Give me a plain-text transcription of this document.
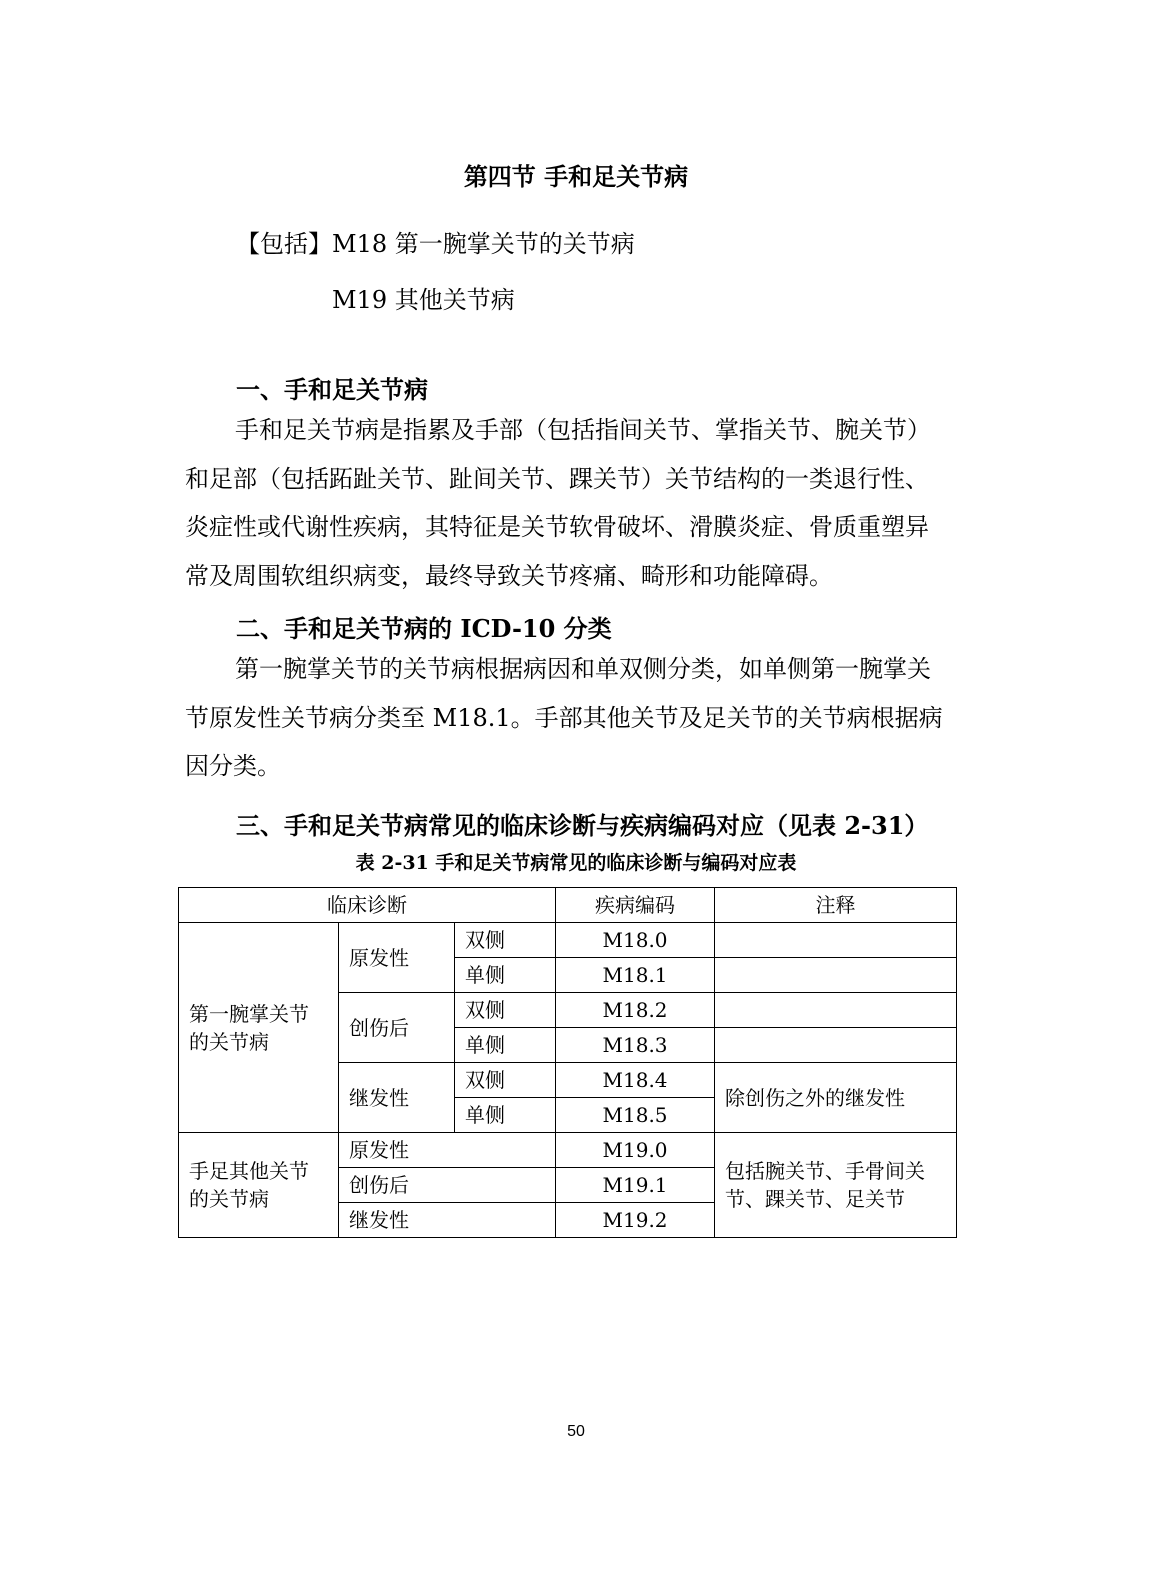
第四节 手和足关节病
【包括】M18 第一腕掌关节的关节病
M19 其他关节病
一、手和足关节病
手和足关节病是指累及手部（包括指间关节、掌指关节、腕关节）
和足部（包括跖趾关节、趾间关节、踝关节）关节结构的一类退行性、
炎症性或代谢性疾病，其特征是关节软骨破坏、滑膜炎症、骨质重塑异
常及周围软组织病变，最终导致关节疼痛、畸形和功能障碍。
二、手和足关节病的 ICD-10 分类
第一腕掌关节的关节病根据病因和单双侧分类，如单侧第一腕掌关
节原发性关节病分类至 M18.1。手部其他关节及足关节的关节病根据病
因分类。
三、手和足关节病常见的临床诊断与疾病编码对应（见表 2-31）
表 2-31 手和足关节病常见的临床诊断与编码对应表
临床诊断			疾病编码	注释
第一腕掌关节的关节病	原发性	双侧	M18.0	
		单侧	M18.1	
	创伤后	双侧	M18.2	
		单侧	M18.3	
	继发性	双侧	M18.4	除创伤之外的继发性
		单侧	M18.5	
手足其他关节的关节病	原发性		M19.0	包括腕关节、手骨间关节、踝关节、足关节
	创伤后		M19.1	
	继发性		M19.2	
50
